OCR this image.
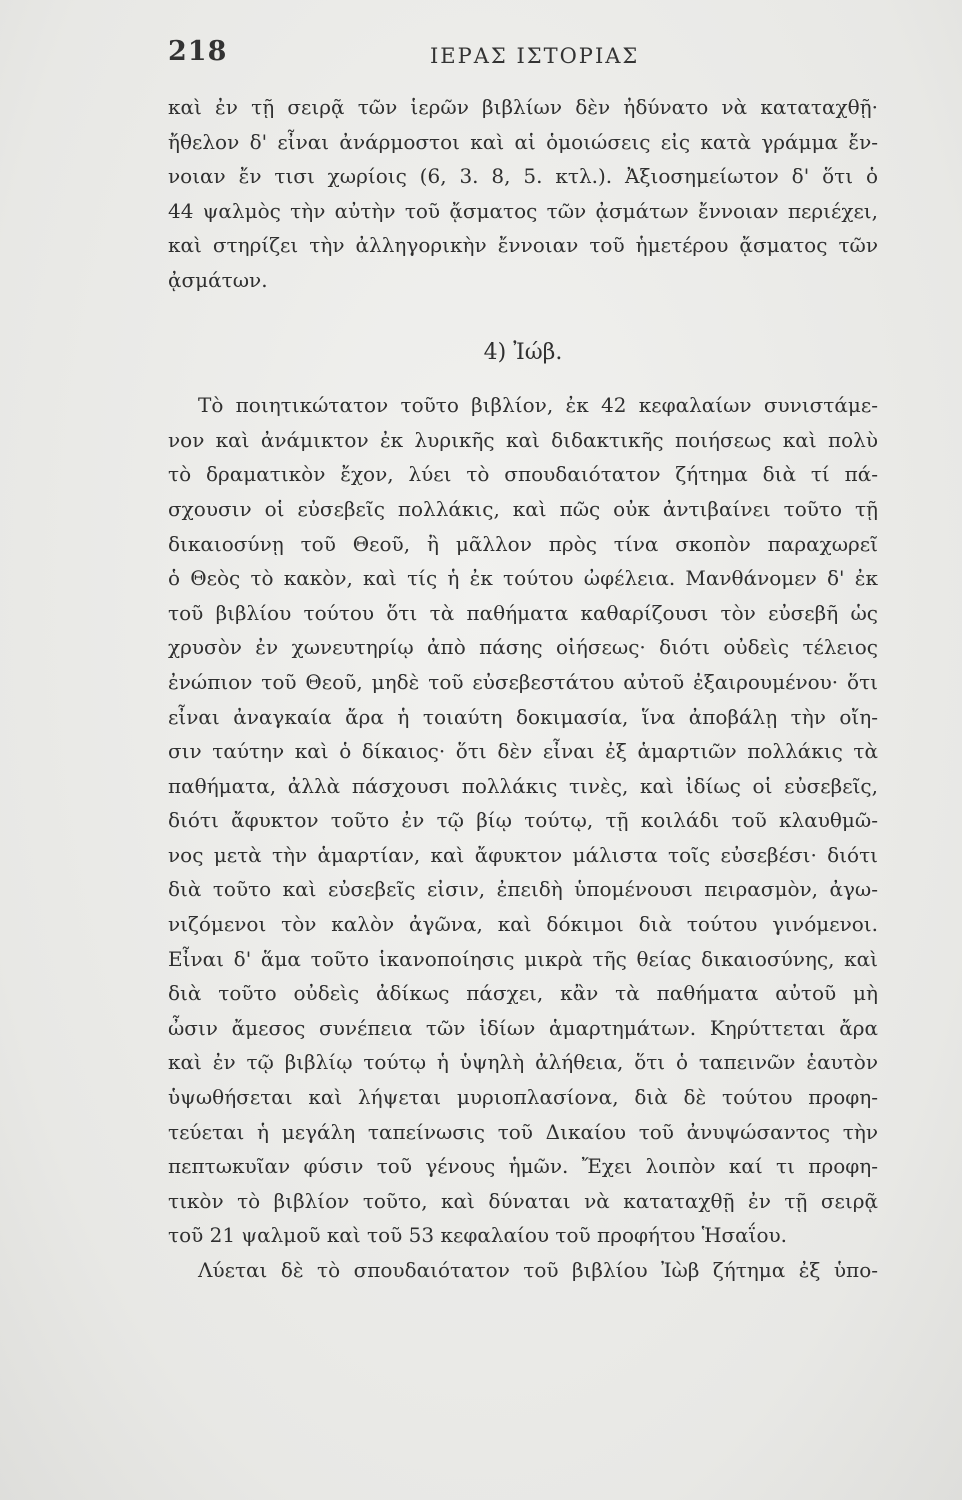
218	ΙΕΡΑΣ ΙΣΤΟΡΙΑΣ
καὶ ἐν τῇ σειρᾷ τῶν ἱερῶν βιβλίων δὲν ἠδύνατο νὰ καταταχθῇ·
ἤθελον δ' εἶναι ἀνάρμοστοι καὶ αἱ ὁμοιώσεις εἰς κατὰ γράμμα ἔν-
νοιαν ἔν τισι χωρίοις (6, 3. 8, 5. κτλ.). Ἀξιοσημείωτον δ' ὅτι ὁ
44 ψαλμὸς τὴν αὐτὴν τοῦ ᾄσματος τῶν ᾀσμάτων ἔννοιαν περιέχει,
καὶ στηρίζει τὴν ἀλληγορικὴν ἔννοιαν τοῦ ἡμετέρου ᾄσματος τῶν
ᾀσμάτων.
4) Ἰώβ.
Τὸ ποιητικώτατον τοῦτο βιβλίον, ἐκ 42 κεφαλαίων συνιστάμε-
νον καὶ ἀνάμικτον ἐκ λυρικῆς καὶ διδακτικῆς ποιήσεως καὶ πολὺ
τὸ δραματικὸν ἔχον, λύει τὸ σπουδαιότατον ζήτημα διὰ τί πά-
σχουσιν οἱ εὐσεβεῖς πολλάκις, καὶ πῶς οὐκ ἀντιβαίνει τοῦτο τῇ
δικαιοσύνῃ τοῦ Θεοῦ, ἢ μᾶλλον πρὸς τίνα σκοπὸν παραχωρεῖ
ὁ Θεὸς τὸ κακὸν, καὶ τίς ἡ ἐκ τούτου ὠφέλεια. Μανθάνομεν δ' ἐκ
τοῦ βιβλίου τούτου ὅτι τὰ παθήματα καθαρίζουσι τὸν εὐσεβῆ ὡς
χρυσὸν ἐν χωνευτηρίῳ ἀπὸ πάσης οἰήσεως· διότι οὐδεὶς τέλειος
ἐνώπιον τοῦ Θεοῦ, μηδὲ τοῦ εὐσεβεστάτου αὐτοῦ ἐξαιρουμένου· ὅτι
εἶναι ἀναγκαία ἄρα ἡ τοιαύτη δοκιμασία, ἵνα ἀποβάλῃ τὴν οἴη-
σιν ταύτην καὶ ὁ δίκαιος· ὅτι δὲν εἶναι ἐξ ἁμαρτιῶν πολλάκις τὰ
παθήματα, ἀλλὰ πάσχουσι πολλάκις τινὲς, καὶ ἰδίως οἱ εὐσεβεῖς,
διότι ἄφυκτον τοῦτο ἐν τῷ βίῳ τούτῳ, τῇ κοιλάδι τοῦ κλαυθμῶ-
νος μετὰ τὴν ἁμαρτίαν, καὶ ἄφυκτον μάλιστα τοῖς εὐσεβέσι· διότι
διὰ τοῦτο καὶ εὐσεβεῖς εἰσιν, ἐπειδὴ ὑπομένουσι πειρασμὸν, ἀγω-
νιζόμενοι τὸν καλὸν ἀγῶνα, καὶ δόκιμοι διὰ τούτου γινόμενοι.
Εἶναι δ' ἅμα τοῦτο ἱκανοποίησις μικρὰ τῆς θείας δικαιοσύνης, καὶ
διὰ τοῦτο οὐδεὶς ἀδίκως πάσχει, κἂν τὰ παθήματα αὐτοῦ μὴ
ὦσιν ἄμεσος συνέπεια τῶν ἰδίων ἁμαρτημάτων. Κηρύττεται ἄρα
καὶ ἐν τῷ βιβλίῳ τούτῳ ἡ ὑψηλὴ ἀλήθεια, ὅτι ὁ ταπεινῶν ἑαυτὸν
ὑψωθήσεται καὶ λήψεται μυριοπλασίονα, διὰ δὲ τούτου προφη-
τεύεται ἡ μεγάλη ταπείνωσις τοῦ Δικαίου τοῦ ἀνυψώσαντος τὴν
πεπτωκυῖαν φύσιν τοῦ γένους ἡμῶν. Ἔχει λοιπὸν καί τι προφη-
τικὸν τὸ βιβλίον τοῦτο, καὶ δύναται νὰ καταταχθῇ ἐν τῇ σειρᾷ
τοῦ 21 ψαλμοῦ καὶ τοῦ 53 κεφαλαίου τοῦ προφήτου Ἡσαΐου.
Λύεται δὲ τὸ σπουδαιότατον τοῦ βιβλίου Ἰὼβ ζήτημα ἐξ ὑπο-
